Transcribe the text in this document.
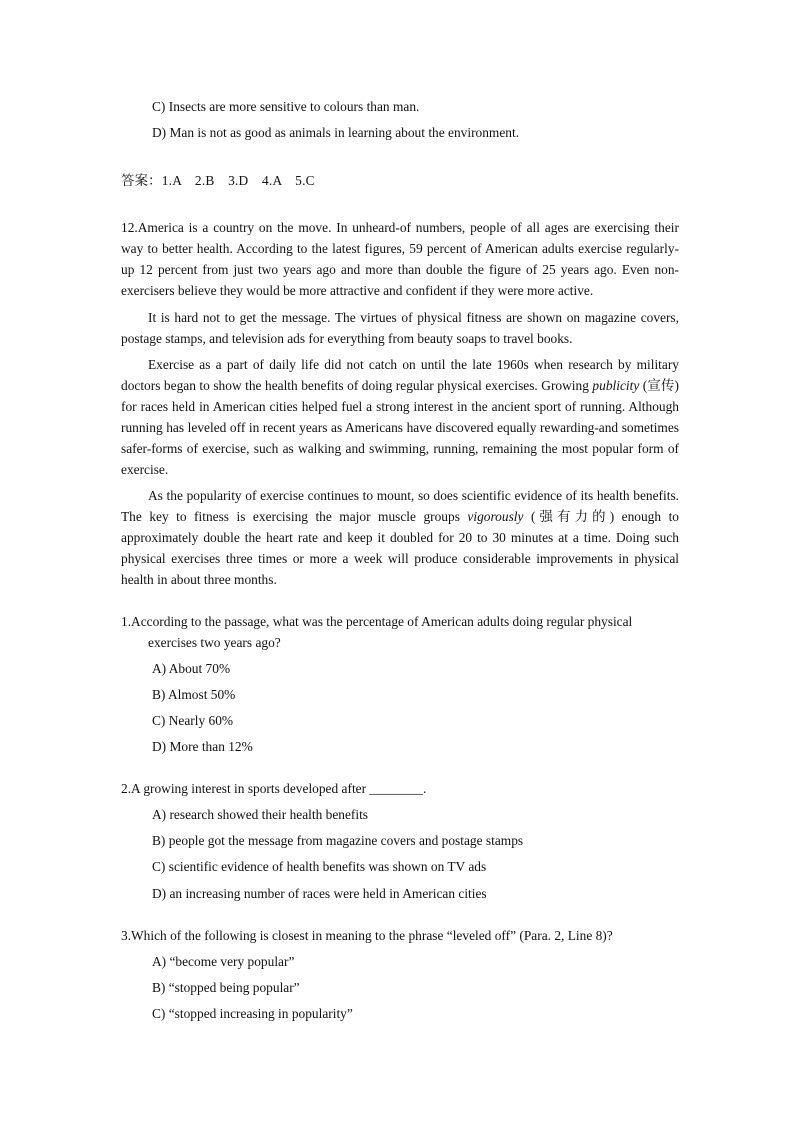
C) Insects are more sensitive to colours than man.
D) Man is not as good as animals in learning about the environment.
答案：1.A　2.B　3.D　4.A　5.C
12.America is a country on the move. In unheard-of numbers, people of all ages are exercising their way to better health. According to the latest figures, 59 percent of American adults exercise regularly-up 12 percent from just two years ago and more than double the figure of 25 years ago. Even non-exercisers believe they would be more attractive and confident if they were more active.
It is hard not to get the message. The virtues of physical fitness are shown on magazine covers, postage stamps, and television ads for everything from beauty soaps to travel books.
Exercise as a part of daily life did not catch on until the late 1960s when research by military doctors began to show the health benefits of doing regular physical exercises. Growing publicity (宣传) for races held in American cities helped fuel a strong interest in the ancient sport of running. Although running has leveled off in recent years as Americans have discovered equally rewarding-and sometimes safer-forms of exercise, such as walking and swimming, running, remaining the most popular form of exercise.
As the popularity of exercise continues to mount, so does scientific evidence of its health benefits. The key to fitness is exercising the major muscle groups vigorously (强有力的) enough to approximately double the heart rate and keep it doubled for 20 to 30 minutes at a time. Doing such physical exercises three times or more a week will produce considerable improvements in physical health in about three months.
1.According to the passage, what was the percentage of American adults doing regular physical
exercises two years ago?
A) About 70%
B) Almost 50%
C) Nearly 60%
D) More than 12%
2.A growing interest in sports developed after ________.
A) research showed their health benefits
B) people got the message from magazine covers and postage stamps
C) scientific evidence of health benefits was shown on TV ads
D) an increasing number of races were held in American cities
3.Which of the following is closest in meaning to the phrase “leveled off” (Para. 2, Line 8)?
A) “become very popular”
B) “stopped being popular”
C) “stopped increasing in popularity”
